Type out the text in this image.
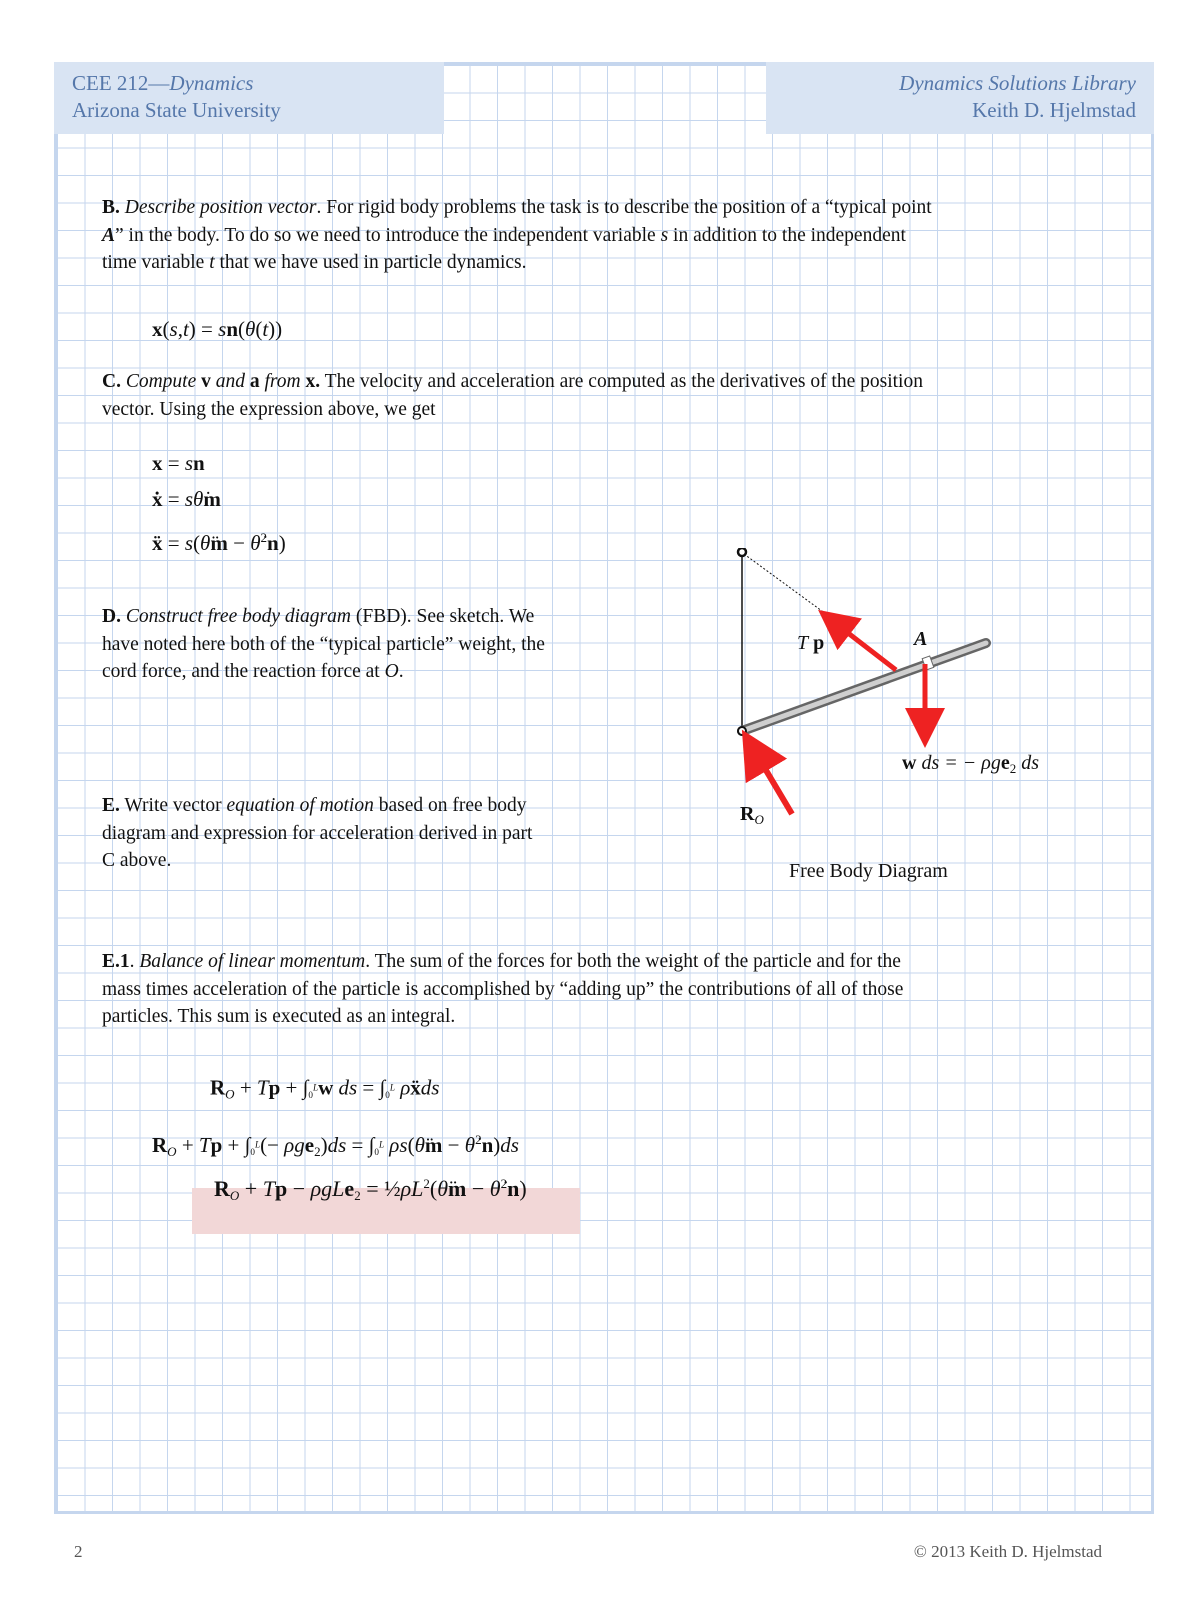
CEE 212—Dynamics
Arizona State University
Dynamics Solutions Library
Keith D. Hjelmstad
B. Describe position vector. For rigid body problems the task is to describe the position of a “typical point
A” in the body. To do so we need to introduce the independent variable s in addition to the independent
time variable t that we have used in particle dynamics.
x(s,t) = sn(θ(t))
C. Compute v and a from x. The velocity and acceleration are computed as the derivatives of the position
vector. Using the expression above, we get
x = sn
ẋ = sθ̇m
ẍ = s(θ̈m − θ̇$^2$n)
D. Construct free body diagram (FBD). See sketch. We
have noted here both of the “typical particle” weight, the
cord force, and the reaction force at O.
E. Write vector equation of motion based on free body
diagram and expression for acceleration derived in part
C above.
T p	A
w ds = − ρge$_2$ ds
$R_O$
Free Body Diagram
E.1. Balance of linear momentum. The sum of the forces for both the weight of the particle and for the
mass times acceleration of the particle is accomplished by “adding up” the contributions of all of those
particles. This sum is executed as an integral.
$R_O + Tp + \int_0^Lw$ ds = $\int_0^L$ ρẍds
$R_O + Tp + \int_0^L(- \rho ge_2)ds = \int_0^L$ ρs(θ̈m − θ̇$^2$n)ds
$R_O + Tp - \rho gLe_2$ = $\frac{1}{2}\rho L^2(\thetäm$ − θ̇$^2$n)
2	© 2013 Keith D. Hjelmstad
